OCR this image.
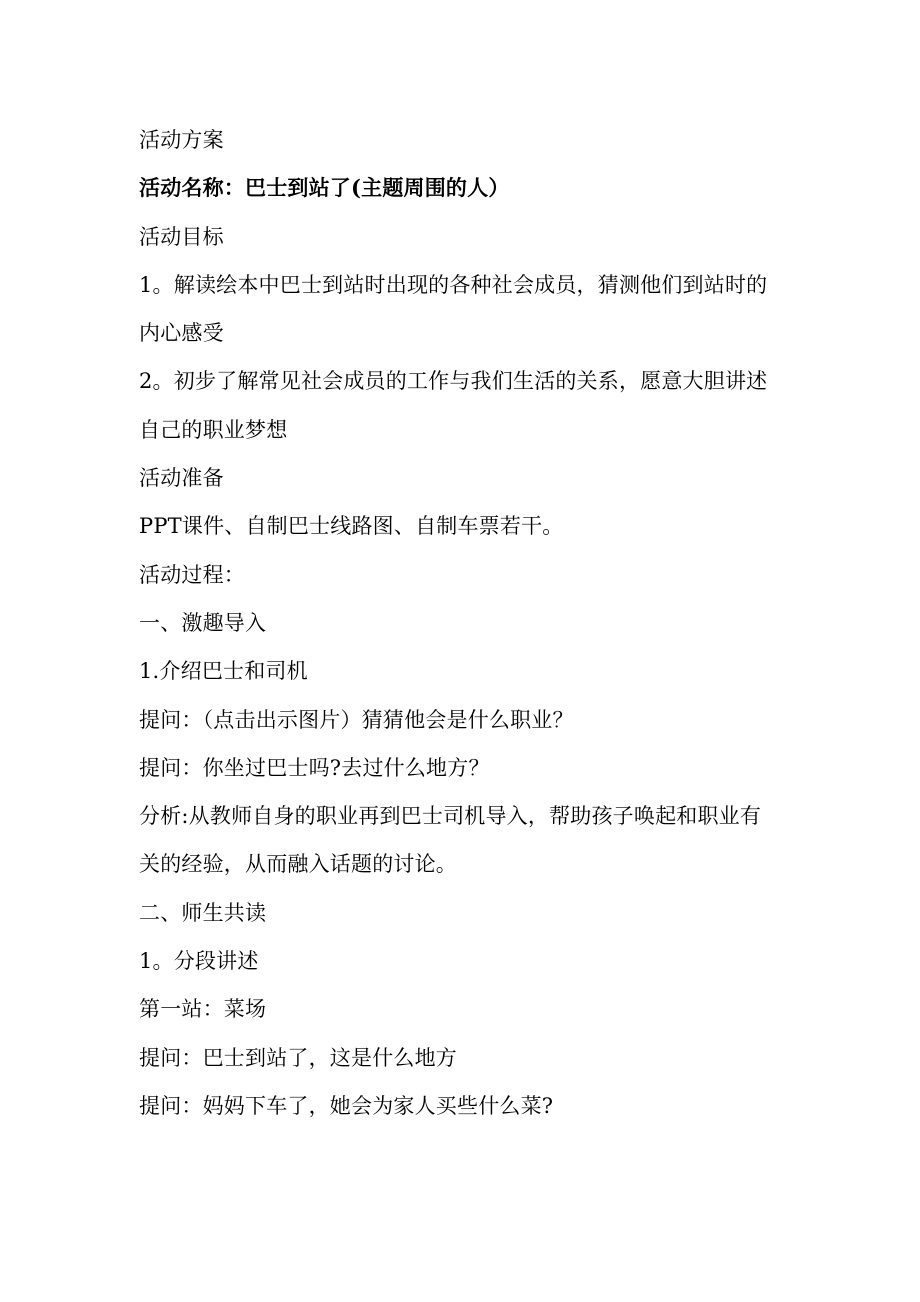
活动方案
活动名称：巴士到站了(主题周围的人）
活动目标
1。解读绘本中巴士到站时出现的各种社会成员，猜测他们到站时的
内心感受
2。初步了解常见社会成员的工作与我们生活的关系，愿意大胆讲述
自己的职业梦想
活动准备
PPT课件、自制巴士线路图、自制车票若干。
活动过程：
一、激趣导入
1.介绍巴士和司机
提问：（点击出示图片）猜猜他会是什么职业？
提问：你坐过巴士吗?去过什么地方？
分析:从教师自身的职业再到巴士司机导入，帮助孩子唤起和职业有
关的经验，从而融入话题的讨论。
二、师生共读
1。分段讲述
第一站：菜场
提问：巴士到站了，这是什么地方
提问：妈妈下车了，她会为家人买些什么菜?
